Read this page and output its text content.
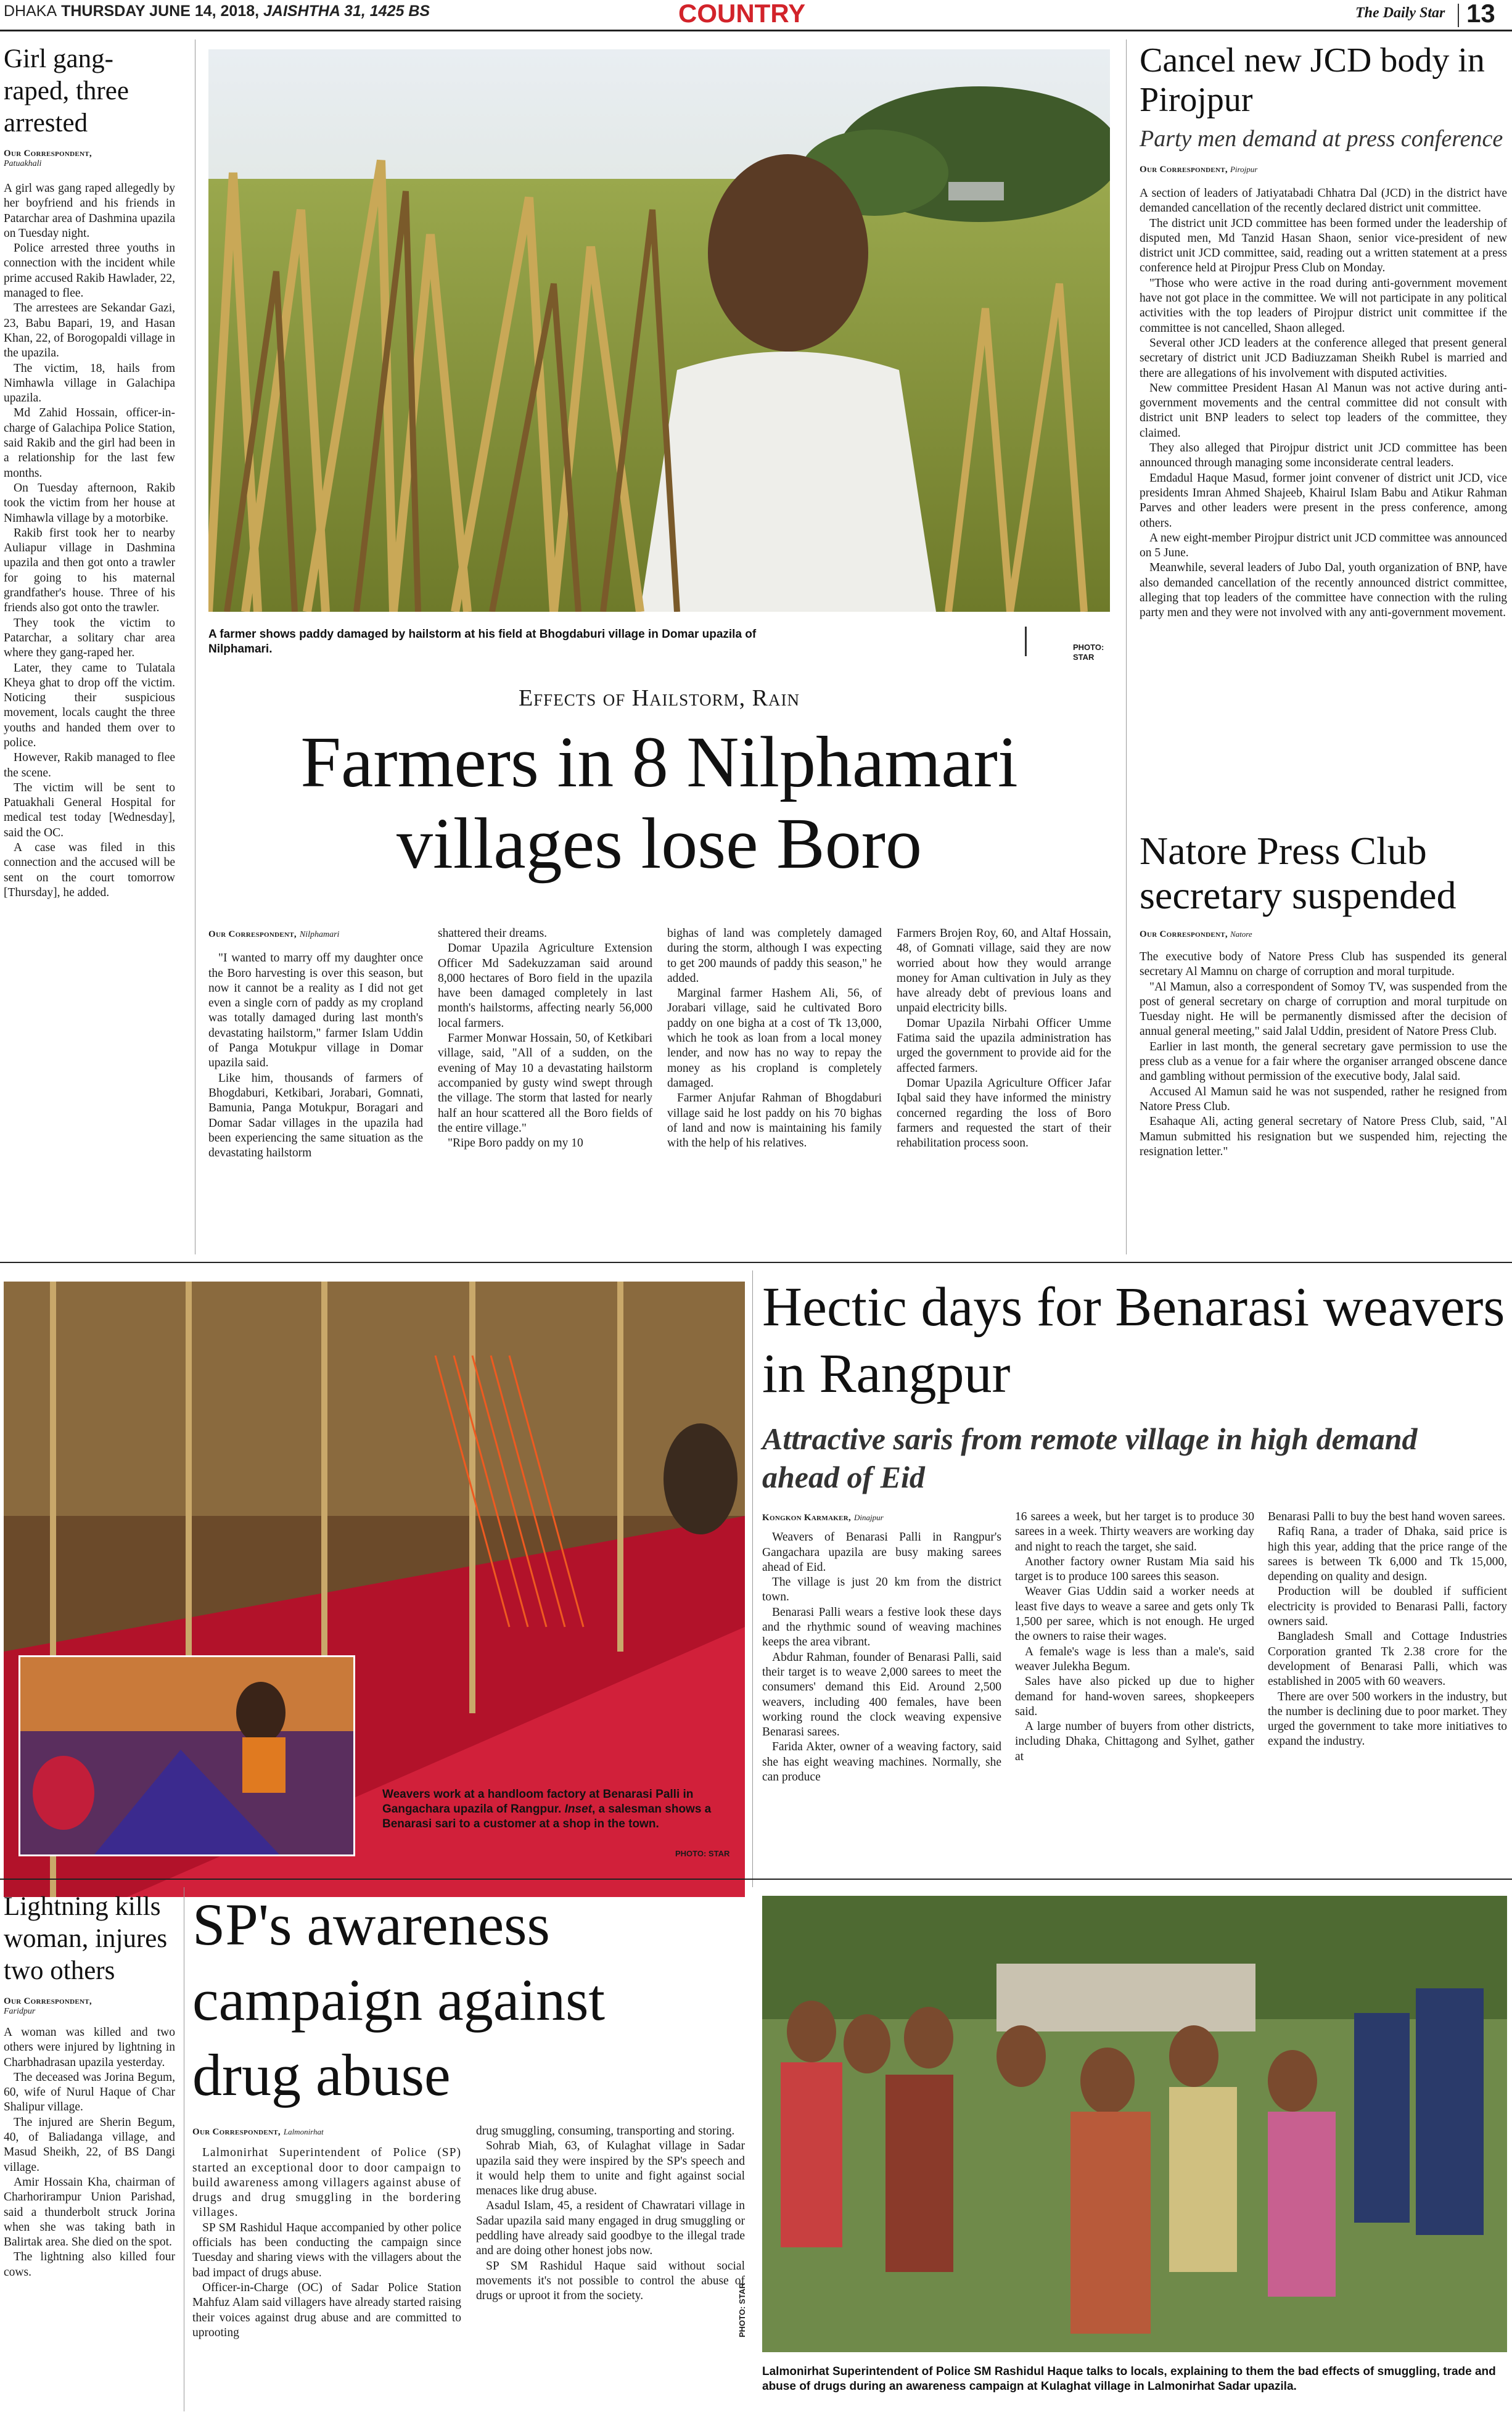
DHAKA THURSDAY JUNE 14, 2018, JAISHTHA 31, 1425 BS	COUNTRY	The Daily Star 13
Girl gang-raped, three arrested
Our Correspondent,
Patuakhali

A girl was gang raped allegedly by her boyfriend and his friends in Patarchar area of Dashmina upazila on Tuesday night.

Police arrested three youths in connection with the incident while prime accused Rakib Hawlader, 22, managed to flee.

The arrestees are Sekandar Gazi, 23, Babu Bapari, 19, and Hasan Khan, 22, of Borogopaldi village in the upazila.

The victim, 18, hails from Nimhawla village in Galachipa upazila.

Md Zahid Hossain, officer-in-charge of Galachipa Police Station, said Rakib and the girl had been in a relationship for the last few months.

On Tuesday afternoon, Rakib took the victim from her house at Nimhawla village by a motorbike.

Rakib first took her to nearby Auliapur village in Dashmina upazila and then got onto a trawler for going to his maternal grandfather's house. Three of his friends also got onto the trawler.

They took the victim to Patarchar, a solitary char area where they gang-raped her.

Later, they came to Tulatala Kheya ghat to drop off the victim. Noticing their suspicious movement, locals caught the three youths and handed them over to police.

However, Rakib managed to flee the scene.

The victim will be sent to Patuakhali General Hospital for medical test today [Wednesday], said the OC.

A case was filed in this connection and the accused will be sent on the court tomorrow [Thursday], he added.

A farmer shows paddy damaged by hailstorm at his field at Bhogdaburi village in Domar upazila of Nilphamari.	PHOTO: STAR
Effects of Hailstorm, Rain
Farmers in 8 Nilphamari villages lose Boro
Our Correspondent, Nilphamari

"I wanted to marry off my daughter once the Boro harvesting is over this season, but now it cannot be a reality as I did not get even a single corn of paddy as my cropland was totally damaged during last month's devastating hailstorm," farmer Islam Uddin of Panga Motukpur village in Domar upazila said.

Like him, thousands of farmers of Bhogdaburi, Ketkibari, Jorabari, Gomnati, Bamunia, Panga Motukpur, Boragari and Domar Sadar villages in the upazila had been experiencing the same situation as the devastating hailstorm

shattered their dreams.

Domar Upazila Agriculture Extension Officer Md Sadekuzzaman said around 8,000 hectares of Boro field in the upazila have been damaged completely in last month's hailstorms, affecting nearly 56,000 local farmers.

Farmer Monwar Hossain, 50, of Ketkibari village, said, "All of a sudden, on the evening of May 10 a devastating hailstorm accompanied by gusty wind swept through the village. The storm that lasted for nearly half an hour scattered all the Boro fields of the entire village."

"Ripe Boro paddy on my 10

bighas of land was completely damaged during the storm, although I was expecting to get 200 maunds of paddy this season," he added.

Marginal farmer Hashem Ali, 56, of Jorabari village, said he cultivated Boro paddy on one bigha at a cost of Tk 13,000, which he took as loan from a local money lender, and now has no way to repay the money as his cropland is completely damaged.

Farmer Anjufar Rahman of Bhogdaburi village said he lost paddy on his 70 bighas of land and now is maintaining his family with the help of his relatives.

Farmers Brojen Roy, 60, and Altaf Hossain, 48, of Gomnati village, said they are now worried about how they would arrange money for Aman cultivation in July as they have already debt of previous loans and unpaid electricity bills.

Domar Upazila Nirbahi Officer Umme Fatima said the upazila administration has urged the government to provide aid for the affected farmers.

Domar Upazila Agriculture Officer Jafar Iqbal said they have informed the ministry concerned regarding the loss of Boro farmers and requested the start of their rehabilitation process soon.

Cancel new JCD body in Pirojpur
Party men demand at press conference
Our Correspondent, Pirojpur

A section of leaders of Jatiyatabadi Chhatra Dal (JCD) in the district have demanded cancellation of the recently declared district unit committee.

The district unit JCD committee has been formed under the leadership of disputed men, Md Tanzid Hasan Shaon, senior vice-president of new district unit JCD committee, said, reading out a written statement at a press conference held at Pirojpur Press Club on Monday.

"Those who were active in the road during anti-government movement have not got place in the committee. We will not participate in any political activities with the top leaders of Pirojpur district unit committee if the committee is not cancelled, Shaon alleged.

Several other JCD leaders at the conference alleged that present general secretary of district unit JCD Badiuzzaman Sheikh Rubel is married and there are allegations of his involvement with disputed activities.

New committee President Hasan Al Manun was not active during anti- government movements and the central committee did not consult with district unit BNP leaders to select top leaders of the committee, they claimed.

They also alleged that Pirojpur district unit JCD committee has been announced through managing some inconsiderate central leaders.

Emdadul Haque Masud, former joint convener of district unit JCD, vice presidents Imran Ahmed Shajeeb, Khairul Islam Babu and Atikur Rahman Parves and other leaders were present in the press conference, among others.

A new eight-member Pirojpur district unit JCD committee was announced on 5 June.

Meanwhile, several leaders of Jubo Dal, youth organization of BNP, have also demanded cancellation of the recently announced district committee, alleging that top leaders of the committee have connection with the ruling party men and they were not involved with any anti-government movement.

Natore Press Club secretary suspended
Our Correspondent, Natore

The executive body of Natore Press Club has suspended its general secretary Al Mamnu on charge of corruption and moral turpitude.

"Al Mamun, also a correspondent of Somoy TV, was suspended from the post of general secretary on charge of corruption and moral turpitude on Tuesday night. He will be permanently dismissed after the decision of annual general meeting," said Jalal Uddin, president of Natore Press Club.

Earlier in last month, the general secretary gave permission to use the press club as a venue for a fair where the organiser arranged obscene dance and gambling without permission of the executive body, Jalal said.

Accused Al Mamun said he was not suspended, rather he resigned from Natore Press Club.

Esahaque Ali, acting general secretary of Natore Press Club, said, "Al Mamun submitted his resignation but we suspended him, rejecting the resignation letter."

Weavers work at a handloom factory at Benarasi Palli in Gangachara upazila of Rangpur. Inset, a salesman shows a Benarasi sari to a customer at a shop in the town.
PHOTO: STAR
Hectic days for Benarasi weavers in Rangpur
Attractive saris from remote village in high demand ahead of Eid
Kongkon Karmaker, Dinajpur

Weavers of Benarasi Palli in Rangpur's Gangachara upazila are busy making sarees ahead of Eid.

The village is just 20 km from the district town.

Benarasi Palli wears a festive look these days and the rhythmic sound of weaving machines keeps the area vibrant.

Abdur Rahman, founder of Benarasi Palli, said their target is to weave 2,000 sarees to meet the consumers' demand this Eid. Around 2,500 weavers, including 400 females, have been working round the clock weaving expensive Benarasi sarees.

Farida Akter, owner of a weaving factory, said she has eight weaving machines. Normally, she can produce

16 sarees a week, but her target is to produce 30 sarees in a week. Thirty weavers are working day and night to reach the target, she said.

Another factory owner Rustam Mia said his target is to produce 100 sarees this season.

Weaver Gias Uddin said a worker needs at least five days to weave a saree and gets only Tk 1,500 per saree, which is not enough. He urged the owners to raise their wages.

A female's wage is less than a male's, said weaver Julekha Begum.

Sales have also picked up due to higher demand for hand-woven sarees, shopkeepers said.

A large number of buyers from other districts, including Dhaka, Chittagong and Sylhet, gather at

Benarasi Palli to buy the best hand woven sarees.

Rafiq Rana, a trader of Dhaka, said price is high this year, adding that the price range of the sarees is between Tk 6,000 and Tk 15,000, depending on quality and design.

Production will be doubled if sufficient electricity is provided to Benarasi Palli, factory owners said.

Bangladesh Small and Cottage Industries Corporation granted Tk 2.38 crore for the development of Benarasi Palli, which was established in 2005 with 60 weavers.

There are over 500 workers in the industry, but the number is declining due to poor market. They urged the government to take more initiatives to expand the industry.

Lightning kills woman, injures two others
Our Correspondent,
Faridpur

A woman was killed and two others were injured by lightning in Charbhadrasan upazila yesterday.

The deceased was Jorina Begum, 60, wife of Nurul Haque of Char Shalipur village.

The injured are Sherin Begum, 40, of Baliadanga village, and Masud Sheikh, 22, of BS Dangi village.

Amir Hossain Kha, chairman of Charhorirampur Union Parishad, said a thunderbolt struck Jorina when she was taking bath in Balirtak area. She died on the spot.

The lightning also killed four cows.

SP's awareness campaign against drug abuse
Our Correspondent, Lalmonirhat

Lalmonirhat Superintendent of Police (SP) started an exceptional door to door campaign to build awareness among villagers against abuse of drugs and drug smuggling in the bordering villages.

SP SM Rashidul Haque accompanied by other police officials has been conducting the campaign since Tuesday and sharing views with the villagers about the bad impact of drugs abuse.

Officer-in-Charge (OC) of Sadar Police Station Mahfuz Alam said villagers have already started raising their voices against drug abuse and are committed to uprooting

drug smuggling, consuming, transporting and storing.

Sohrab Miah, 63, of Kulaghat village in Sadar upazila said they were inspired by the SP's speech and it would help them to unite and fight against social menaces like drug abuse.

Asadul Islam, 45, a resident of Chawratari village in Sadar upazila said many engaged in drug smuggling or peddling have already said goodbye to the illegal trade and are doing other honest jobs now.

SP SM Rashidul Haque said without social movements it's not possible to control the abuse of drugs or uproot it from the society.	PHOTO: STAR
Lalmonirhat Superintendent of Police SM Rashidul Haque talks to locals, explaining to them the bad effects of smuggling, trade and abuse of drugs during an awareness campaign at Kulaghat village in Lalmonirhat Sadar upazila.
